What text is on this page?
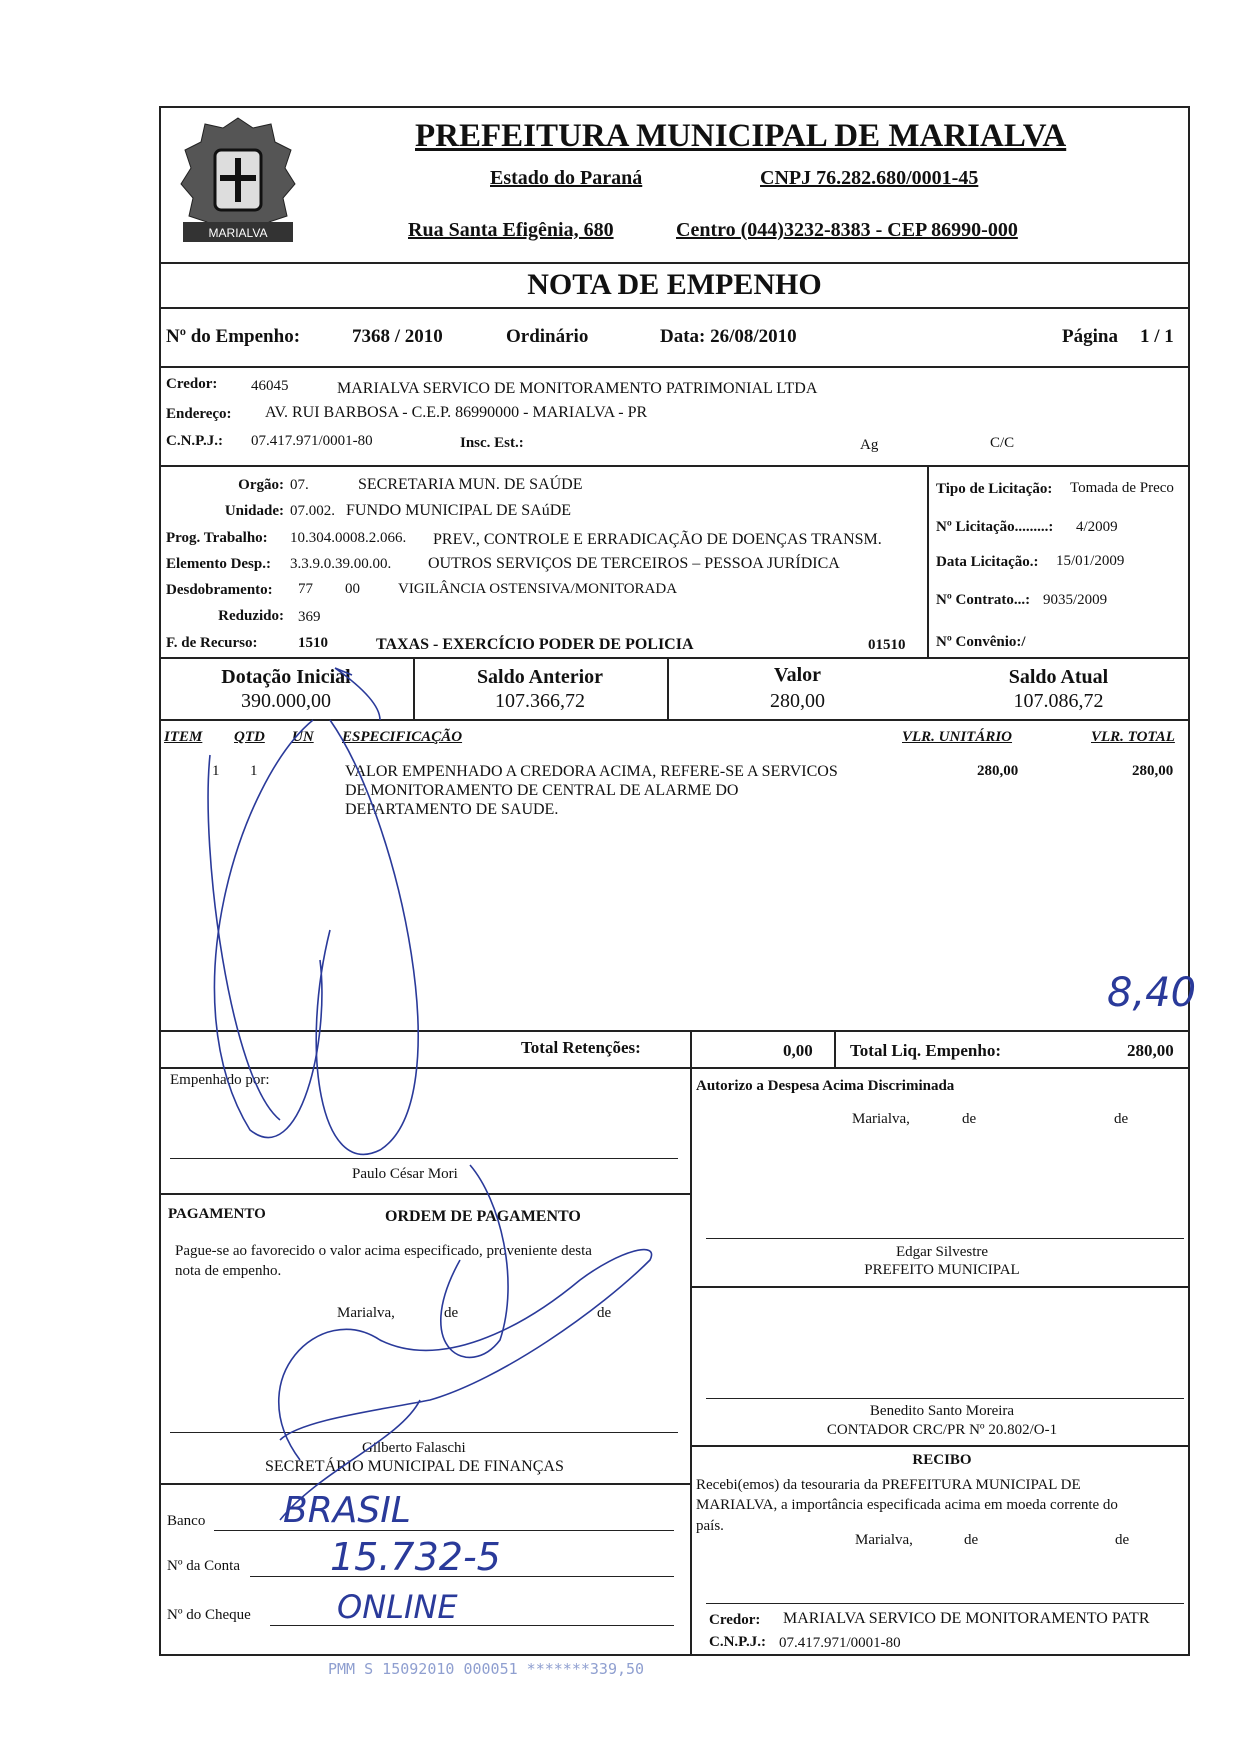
MARIALVA
PREFEITURA MUNICIPAL DE MARIALVA
Estado do Paraná	CNPJ 76.282.680/0001-45
Rua Santa Efigênia, 680	Centro (044)3232-8383 - CEP 86990-000
NOTA DE EMPENHO
Nº do Empenho:	7368 / 2010	Ordinário	Data: 26/08/2010	Página 1 / 1
Credor: 46045	MARIALVA SERVICO DE MONITORAMENTO PATRIMONIAL LTDA
Endereço: AV. RUI BARBOSA - C.E.P. 86990000 - MARIALVA - PR
C.N.P.J.: 07.417.971/0001-80	Insc. Est.:	Ag	C/C
Orgão: 07.	SECRETARIA MUN. DE SAÚDE
Unidade: 07.002. FUNDO MUNICIPAL DE SAúDE
Prog. Trabalho: 10.304.0008.2.066. PREV., CONTROLE E ERRADICAÇÃO DE DOENÇAS TRANSM.
Elemento Desp.: 3.3.9.0.39.00.00. OUTROS SERVIÇOS DE TERCEIROS – PESSOA JURÍDICA
Desdobramento: 77 00	VIGILÂNCIA OSTENSIVA/MONITORADA
Reduzido: 369
F. de Recurso:	1510	TAXAS - EXERCÍCIO PODER DE POLICIA	01510
Tipo de Licitação: Tomada de Preco
Nº Licitação.........: 4/2009
Data Licitação.: 15/01/2009
Nº Contrato...: 9035/2009
Nº Convênio:/
Dotação Inicial
390.000,00
Saldo Anterior
107.366,72
Valor
280,00
Saldo Atual
107.086,72
ITEM QTD UN ESPECIFICAÇÃO	VLR. UNITÁRIO	VLR. TOTAL
1 1	VALOR EMPENHADO A CREDORA ACIMA, REFERE-SE A SERVICOS
DE MONITORAMENTO DE CENTRAL DE ALARME DO
DEPARTAMENTO DE SAUDE.
280,00	280,00
8,40
Total Retenções:	0,00 Total Liq. Empenho:	280,00
Empenhado por:
Paulo César Mori
Autorizo a Despesa Acima Discriminada
Marialva,	de	de
Edgar Silvestre
PREFEITO MUNICIPAL
PAGAMENTO	ORDEM DE PAGAMENTO
Pague-se ao favorecido o valor acima especificado, proveniente desta
nota de empenho.
Marialva,	de	de
Gilberto Falaschi
SECRETÁRIO MUNICIPAL DE FINANÇAS
Benedito Santo Moreira
CONTADOR CRC/PR Nº 20.802/O-1
Banco BRASIL
Nº da Conta 15.732-5
Nº do Cheque	ONLINE
RECIBO
Recebi(emos) da tesouraria da PREFEITURA MUNICIPAL DE
MARIALVA, a importância especificada acima em moeda corrente do
país.
Marialva,	de	de
Credor: MARIALVA SERVICO DE MONITORAMENTO PATR
C.N.P.J.: 07.417.971/0001-80
PMM S 15092010 000051 *******339,50
